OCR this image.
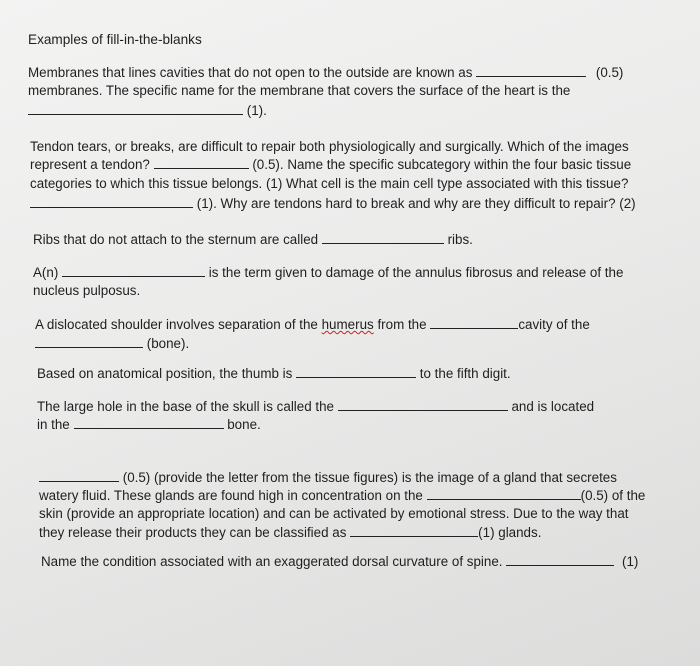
Examples of fill-in-the-blanks
Membranes that lines cavities that do not open to the outside are known as	(0.5)
membranes. The specific name for the membrane that covers the surface of the heart is the
(1).
Tendon tears, or breaks, are difficult to repair both physiologically and surgically. Which of the images
represent a tendon?	(0.5). Name the specific subcategory within the four basic tissue
categories to which this tissue belongs. (1) What cell is the main cell type associated with this tissue?
(1). Why are tendons hard to break and why are they difficult to repair? (2)
Ribs that do not attach to the sternum are called	ribs.
A(n)	is the term given to damage of the annulus fibrosus and release of the
nucleus pulposus.
A dislocated shoulder involves separation of the humerus from the	cavity of the
(bone).
Based on anatomical position, the thumb is	to the fifth digit.
The large hole in the base of the skull is called the	and is located
in the	bone.
(0.5) (provide the letter from the tissue figures) is the image of a gland that secretes
watery fluid. These glands are found high in concentration on the	(0.5) of the
skin (provide an appropriate location) and can be activated by emotional stress. Due to the way that
they release their products they can be classified as	(1) glands.
Name the condition associated with an exaggerated dorsal curvature of spine.	(1)
